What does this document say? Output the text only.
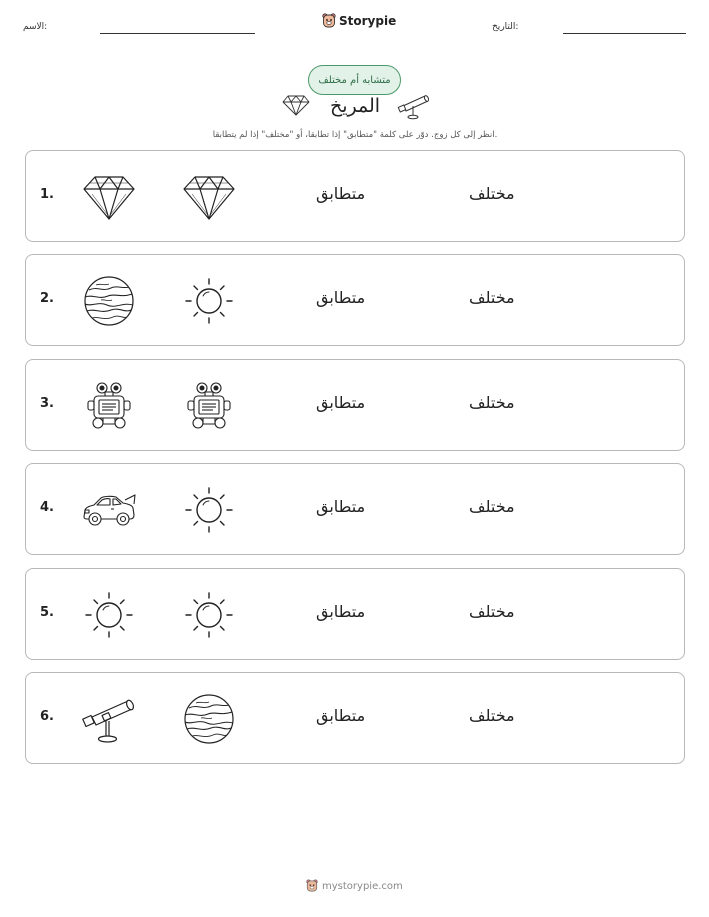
الاسم:	Storypie	التاريخ:
متشابه أم مختلف
المريخ
انظر إلى كل زوج. دوّر على كلمة "متطابق" إذا تطابقا، أو "مختلف" إذا لم يتطابقا.
1.	متطابق	مختلف
2.	متطابق	مختلف
3.	متطابق	مختلف
4.	متطابق	مختلف
5.	متطابق	مختلف
6.	متطابق	مختلف
mystorypie.com
